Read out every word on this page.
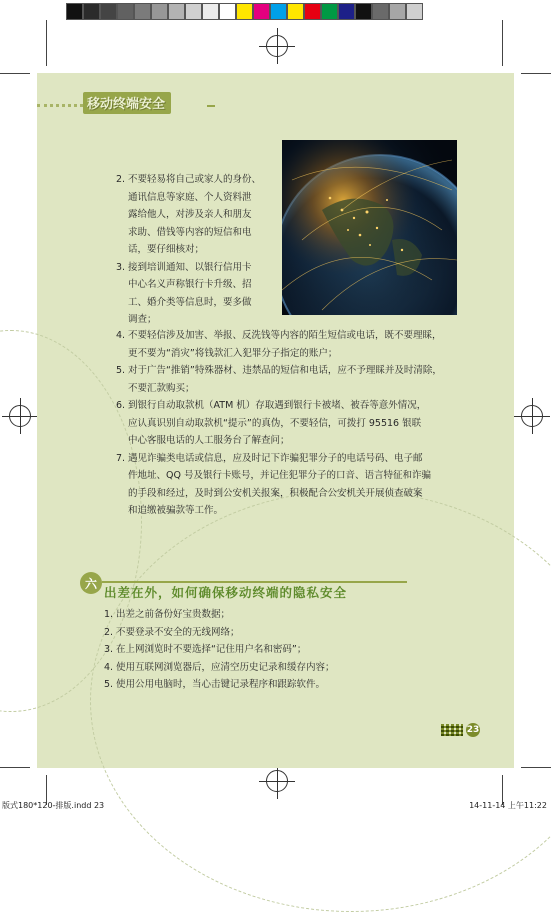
移动终端安全
2. 不要轻易将自己或家人的身份、
通讯信息等家庭、个人资料泄
露给他人，对涉及亲人和朋友
求助、借钱等内容的短信和电
话，要仔细核对；
3. 接到培训通知、以银行信用卡
中心名义声称银行卡升级、招
工、婚介类等信息时，要多做
调查；
4. 不要轻信涉及加害、举报、反洗钱等内容的陌生短信或电话，既不要理睬，
更不要为“消灾”将钱款汇入犯罪分子指定的账户；
5. 对于广告“推销”特殊器材、违禁品的短信和电话，应不予理睬并及时清除，
不要汇款购买；
6. 到银行自动取款机（ATM 机）存取遇到银行卡被堵、被吞等意外情况，
应认真识别自动取款机“提示”的真伪，不要轻信，可拨打 95516 银联
中心客服电话的人工服务台了解查问；
7. 遇见诈骗类电话或信息，应及时记下诈骗犯罪分子的电话号码、电子邮
件地址、QQ 号及银行卡账号，并记住犯罪分子的口音、语言特征和诈骗
的手段和经过，及时到公安机关报案，积极配合公安机关开展侦查破案
和追缴被骗款等工作。
六
出差在外，如何确保移动终端的隐私安全
1. 出差之前备份好宝贵数据；
2. 不要登录不安全的无线网络；
3. 在上网浏览时不要选择“记住用户名和密码”；
4. 使用互联网浏览器后，应清空历史记录和缓存内容；
5. 使用公用电脑时，当心击键记录程序和跟踪软件。
23
版式180*120-排版.indd 23	14-11-14 上午11:22
